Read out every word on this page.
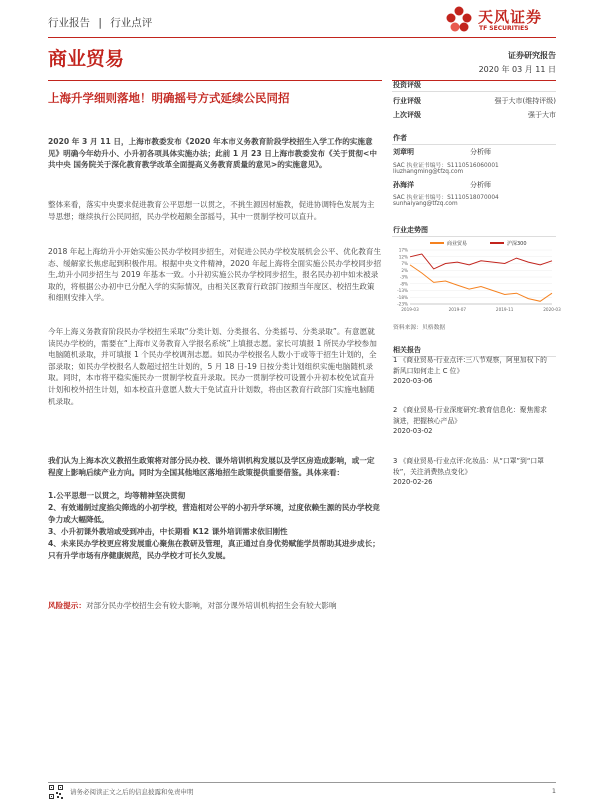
行业报告 | 行业点评	天风证券
TF SECURITIES
商业贸易	证券研究报告
2020 年 03 月 11 日
上海升学细则落地！明确摇号方式延续公民同招
投资评级
行业评级	强于大市(维持评级)
上次评级	强于大市
作者
刘章明	分析师
SAC 执业证书编号：S1110516060001
liuzhangming@tfzq.com
孙海洋	分析师
SAC 执业证书编号：S1110518070004
sunhaiyang@tfzq.com
行业走势图
商业贸易	沪深300
17%
12%
7%
2%
-3%
-8%
-13%
-18%
-23%
2019-03	2019-07	2019-11	2020-03
资料来源：贝格数据
相关报告
1 《商业贸易-行业点评:三八节观察，阿里加权下的新风口如何走上 C 位》
2020-03-06
2 《商业贸易-行业深度研究:教育信息化：聚焦需求演进，把握核心产品》
2020-03-02
3 《商业贸易-行业点评:化妆品：从“口罩”到“口罩妆”，关注消费热点变化》
2020-02-26
2020 年 3 月 11 日，上海市教委发布《2020 年本市义务教育阶段学校招生入学工作的实施意见》明确今年幼升小、小升初各项具体实施办法；此前 1 月 23 日上海市教委发布《关于贯彻<中共中央 国务院关于深化教育教学改革全面提高义务教育质量的意见>的实施意见》。
整体来看，落实中央要求促进教育公平思想一以贯之，不挑生源因材施教，促进协调特色发展为主导思想；继续执行公民同招，民办学校超额全部摇号，其中一贯制学校可以直升。
2018 年起上海幼升小开始实施公民办学校同步招生，对促进公民办学校发展机会公平、优化教育生态、缓解家长焦虑起到积极作用。根据中央文件精神，2020 年起上海将全面实施公民办学校同步招生,幼升小同步招生与 2019 年基本一致。小升初实施公民办学校同步招生，报名民办初中如未被录取的，将根据公办初中已分配入学的实际情况，由相关区教育行政部门按照当年度区、校招生政策和细则安排入学。
今年上海义务教育阶段民办学校招生采取“分类计划、分类报名、分类摇号、分类录取”。有意愿就读民办学校的，需要在“上海市义务教育入学报名系统”上填报志愿。家长可填报 1 所民办学校参加电脑随机录取，并可填报 1 个民办学校调剂志愿。如民办学校报名人数小于或等于招生计划的，全部录取；如民办学校报名人数超过招生计划的，5 月 18 日-19 日按分类计划组织实施电脑随机录取。同时，本市将平稳实施民办一贯制学校直升录取。民办一贯制学校可设置小升初本校免试直升计划和校外招生计划，如本校直升意愿人数大于免试直升计划数，将由区教育行政部门实施电脑随机录取。
我们认为上海本次义教招生政策将对部分民办校、课外培训机构发展以及学区房造成影响，或一定程度上影响后续产业方向。同时为全国其他地区落地招生政策提供重要借鉴。具体来看：
1.公平思想一以贯之，均等精神坚决贯彻
2、有效遏制过度掐尖筛选的小初学校，营造相对公平的小初升学环境，过度依赖生源的民办学校竞争力或大幅降低。
3、小升初课外教培或受到冲击，中长期看 K12 课外培训需求依旧刚性
4、未来民办学校更应将发展重心聚焦在教研及管理，真正通过自身优势赋能学员帮助其进步成长；只有升学市场有序健康规范，民办学校才可长久发展。
风险提示：对部分民办学校招生会有较大影响，对部分课外培训机构招生会有较大影响
请务必阅读正文之后的信息披露和免责申明	1
